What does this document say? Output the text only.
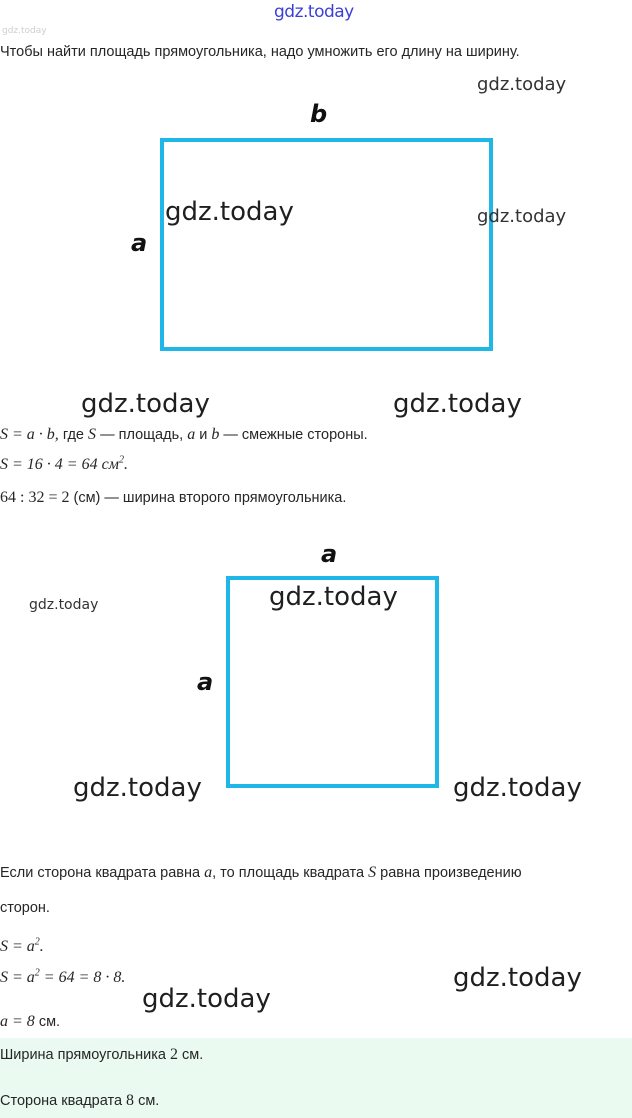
gdz.today
Чтобы найти площадь прямоугольника, надо умножить его длину на ширину.
gdz.today
b
a
gdz.today	gdz.today
gdz.today	gdz.today
S = a · b, где S — площадь, a и b — смежные стороны.
S = 16 · 4 = 64 $см^2$.
64 : 32 = 2 (см) — ширина второго прямоугольника.
a
a
gdz.today	gdz.today
gdz.today	gdz.today
Если сторона квадрата равна a, то площадь квадрата S равна произведению
сторон.
$S = a^2$.
$S = a^2 = 64 = 8 \cdot 8$.	gdz.today
gdz.today
a = 8 см.
Ширина прямоугольника 2 см.
Сторона квадрата 8 см.
gdz.today
